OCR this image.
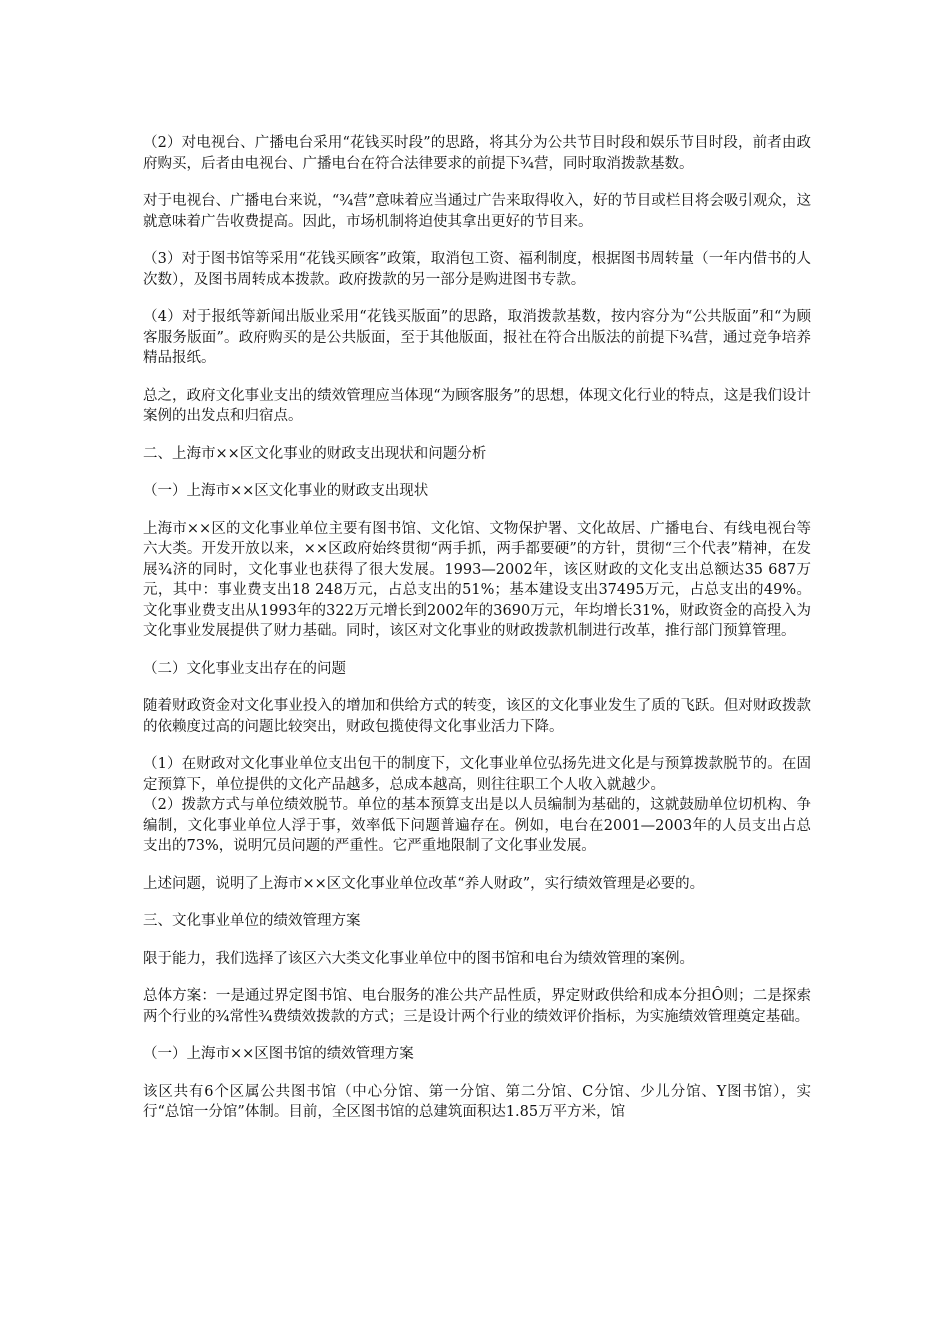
（2）对电视台、广播电台采用“花钱买时段”的思路，将其分为公共节目时段和娱乐节目时段，前者由政府购买，后者由电视台、广播电台在符合法律要求的前提下¾营，同时取消拨款基数。

对于电视台、广播电台来说，“¾营”意味着应当通过广告来取得收入，好的节目或栏目将会吸引观众，这就意味着广告收费提高。因此，市场机制将迫使其拿出更好的节目来。

（3）对于图书馆等采用“花钱买顾客”政策，取消包工资、福利制度，根据图书周转量（一年内借书的人次数），及图书周转成本拨款。政府拨款的另一部分是购进图书专款。

（4）对于报纸等新闻出版业采用“花钱买版面”的思路，取消拨款基数，按内容分为“公共版面”和“为顾客服务版面”。政府购买的是公共版面，至于其他版面，报社在符合出版法的前提下¾营，通过竞争培养精品报纸。

总之，政府文化事业支出的绩效管理应当体现“为顾客服务”的思想，体现文化行业的特点，这是我们设计案例的出发点和归宿点。

二、上海市××区文化事业的财政支出现状和问题分析

（一）上海市××区文化事业的财政支出现状

上海市××区的文化事业单位主要有图书馆、文化馆、文物保护署、文化故居、广播电台、有线电视台等六大类。开发开放以来，××区政府始终贯彻“两手抓，两手都要硬”的方针，贯彻“三个代表”精神，在发展¾济的同时，文化事业也获得了很大发展。1993—2002年，该区财政的文化支出总额达35 687万元，其中：事业费支出18 248万元，占总支出的51%；基本建设支出37495万元，占总支出的49%。文化事业费支出从1993年的322万元增长到2002年的3690万元，年均增长31%，财政资金的高投入为文化事业发展提供了财力基础。同时，该区对文化事业的财政拨款机制进行改革，推行部门预算管理。

（二）文化事业支出存在的问题

随着财政资金对文化事业投入的增加和供给方式的转变，该区的文化事业发生了质的飞跃。但对财政拨款的依赖度过高的问题比较突出，财政包揽使得文化事业活力下降。

（1）在财政对文化事业单位支出包干的制度下，文化事业单位弘扬先进文化是与预算拨款脱节的。在固定预算下，单位提供的文化产品越多，总成本越高，则往往职工个人收入就越少。

（2）拨款方式与单位绩效脱节。单位的基本预算支出是以人员编制为基础的，这就鼓励单位切机构、争编制，文化事业单位人浮于事，效率低下问题普遍存在。例如，电台在2001—2003年的人员支出占总支出的73%，说明冗员问题的严重性。它严重地限制了文化事业发展。

上述问题，说明了上海市××区文化事业单位改革“养人财政”，实行绩效管理是必要的。

三、文化事业单位的绩效管理方案

限于能力，我们选择了该区六大类文化事业单位中的图书馆和电台为绩效管理的案例。

总体方案：一是通过界定图书馆、电台服务的准公共产品性质，界定财政供给和成本分担Ô则；二是探索两个行业的¾常性¾费绩效拨款的方式；三是设计两个行业的绩效评价指标，为实施绩效管理奠定基础。

（一）上海市××区图书馆的绩效管理方案

该区共有6个区属公共图书馆（中心分馆、第一分馆、第二分馆、C分馆、少儿分馆、Y图书馆），实行“总馆一分馆”体制。目前，全区图书馆的总建筑面积达1.85万平方米，馆
